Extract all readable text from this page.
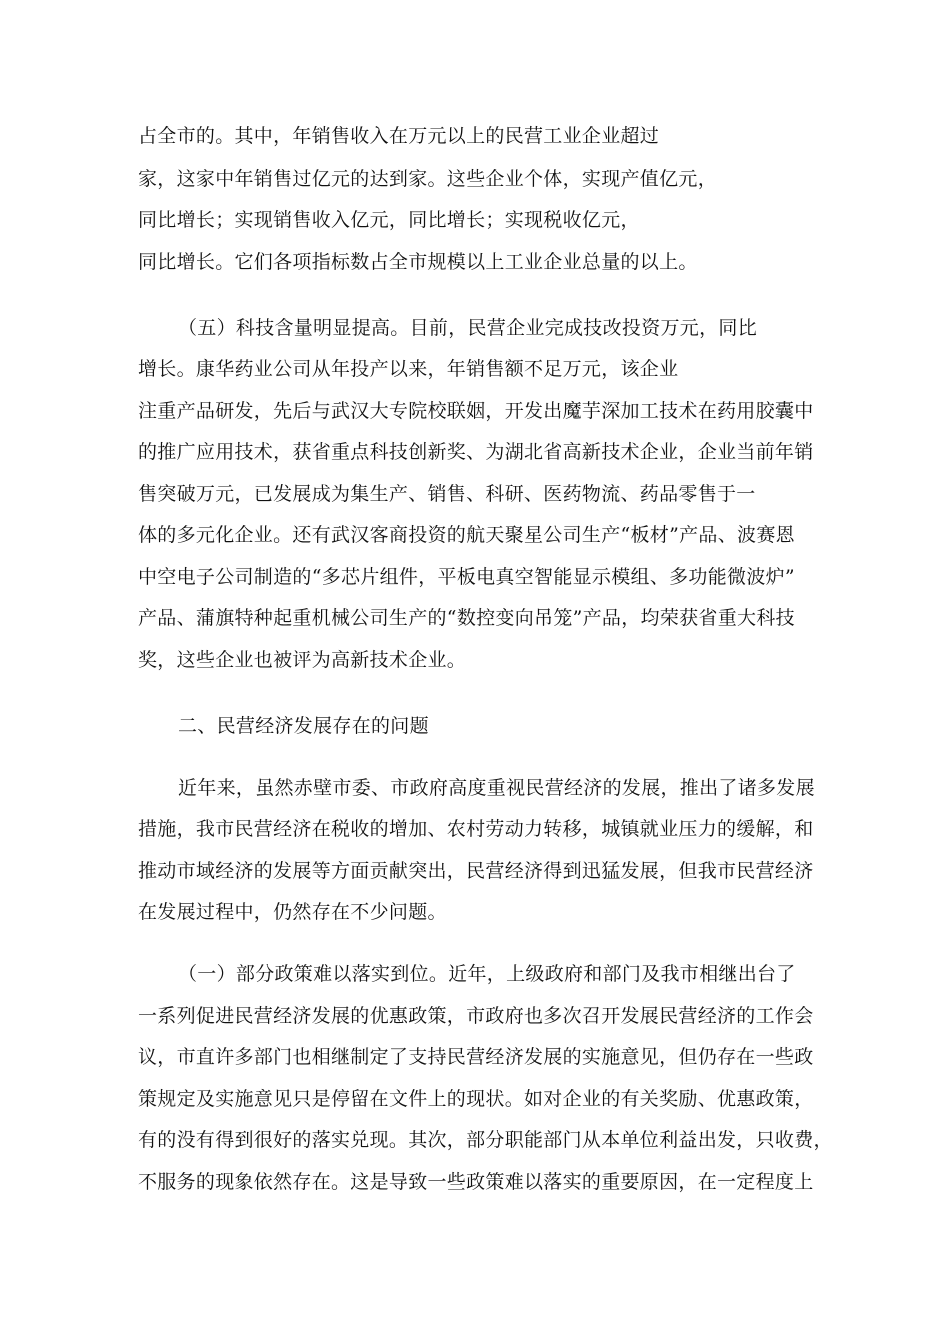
占全市的。其中，年销售收入在万元以上的民营工业企业超过
家，这家中年销售过亿元的达到家。这些企业个体，实现产值亿元，
同比增长；实现销售收入亿元，同比增长；实现税收亿元，
同比增长。它们各项指标数占全市规模以上工业企业总量的以上。
（五）科技含量明显提高。目前，民营企业完成技改投资万元，同比
增长。康华药业公司从年投产以来，年销售额不足万元，该企业
注重产品研发，先后与武汉大专院校联姻，开发出魔芋深加工技术在药用胶囊中
的推广应用技术，获省重点科技创新奖、为湖北省高新技术企业，企业当前年销
售突破万元，已发展成为集生产、销售、科研、医药物流、药品零售于一
体的多元化企业。还有武汉客商投资的航天聚星公司生产“板材”产品、波赛恩
中空电子公司制造的“多芯片组件，平板电真空智能显示模组、多功能微波炉”
产品、蒲旗特种起重机械公司生产的“数控变向吊笼”产品，均荣获省重大科技
奖，这些企业也被评为高新技术企业。
二、民营经济发展存在的问题
近年来，虽然赤壁市委、市政府高度重视民营经济的发展，推出了诸多发展
措施，我市民营经济在税收的增加、农村劳动力转移，城镇就业压力的缓解，和
推动市域经济的发展等方面贡献突出，民营经济得到迅猛发展，但我市民营经济
在发展过程中，仍然存在不少问题。
（一）部分政策难以落实到位。近年，上级政府和部门及我市相继出台了
一系列促进民营经济发展的优惠政策，市政府也多次召开发展民营经济的工作会
议，市直许多部门也相继制定了支持民营经济发展的实施意见，但仍存在一些政
策规定及实施意见只是停留在文件上的现状。如对企业的有关奖励、优惠政策，
有的没有得到很好的落实兑现。其次，部分职能部门从本单位利益出发，只收费，
不服务的现象依然存在。这是导致一些政策难以落实的重要原因，在一定程度上
